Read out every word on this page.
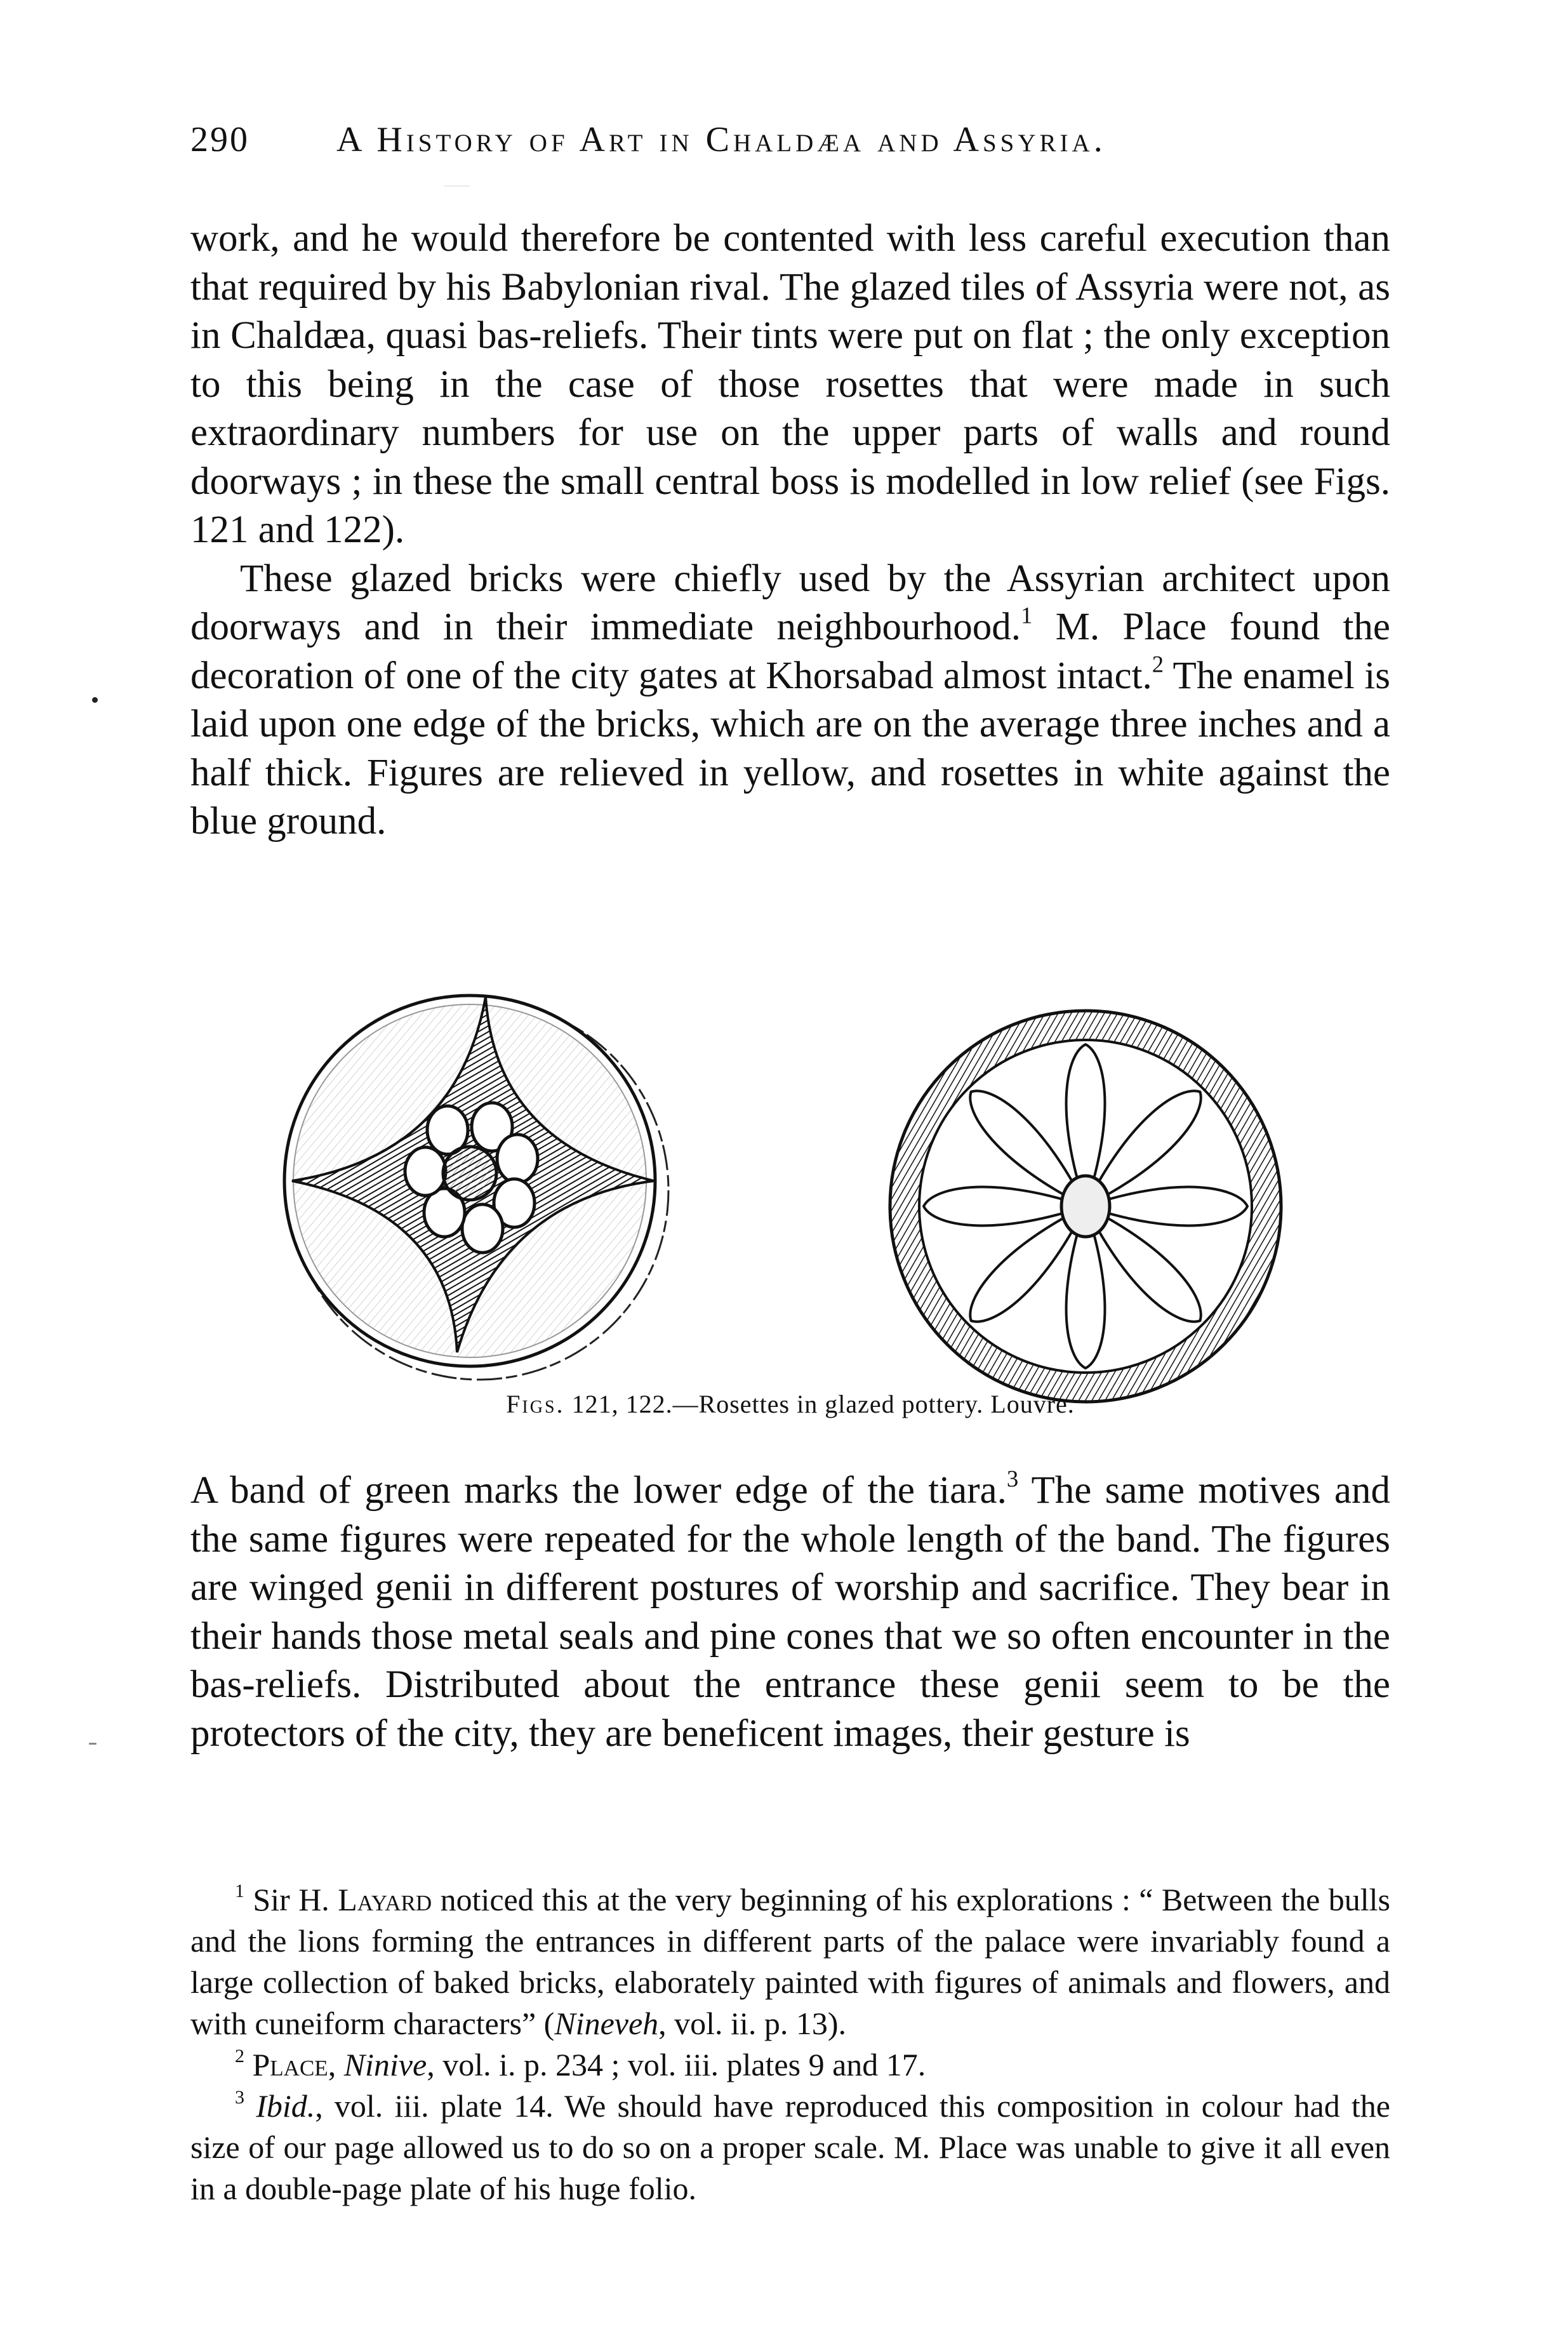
290 A History of Art in Chaldæa and Assyria.

work, and he would therefore be contented with less careful execution than that required by his Babylonian rival. The glazed tiles of Assyria were not, as in Chaldæa, quasi bas-reliefs. Their tints were put on flat ; the only exception to this being in the case of those rosettes that were made in such extraordinary numbers for use on the upper parts of walls and round doorways ; in these the small central boss is modelled in low relief (see Figs. 121 and 122).

These glazed bricks were chiefly used by the Assyrian architect upon doorways and in their immediate neighbourhood.$^1$ M. Place found the decoration of one of the city gates at Khorsabad almost intact.$^2$ The enamel is laid upon one edge of the bricks, which are on the average three inches and a half thick. Figures are relieved in yellow, and rosettes in white against the blue ground.

Figs. 121, 122.—Rosettes in glazed pottery. Louvre.

A band of green marks the lower edge of the tiara.$^3$ The same motives and the same figures were repeated for the whole length of the band. The figures are winged genii in different postures of worship and sacrifice. They bear in their hands those metal seals and pine cones that we so often encounter in the bas-reliefs. Distributed about the entrance these genii seem to be the protectors of the city, they are beneficent images, their gesture is

$^1$ Sir H. Layard noticed this at the very beginning of his explorations : “ Between the bulls and the lions forming the entrances in different parts of the palace were invariably found a large collection of baked bricks, elaborately painted with figures of animals and flowers, and with cuneiform characters” (Nineveh, vol. ii. p. 13).

$^2$ Place, Ninive, vol. i. p. 234 ; vol. iii. plates 9 and 17.

$^3$ Ibid., vol. iii. plate 14. We should have reproduced this composition in colour had the size of our page allowed us to do so on a proper scale. M. Place was unable to give it all even in a double-page plate of his huge folio.
